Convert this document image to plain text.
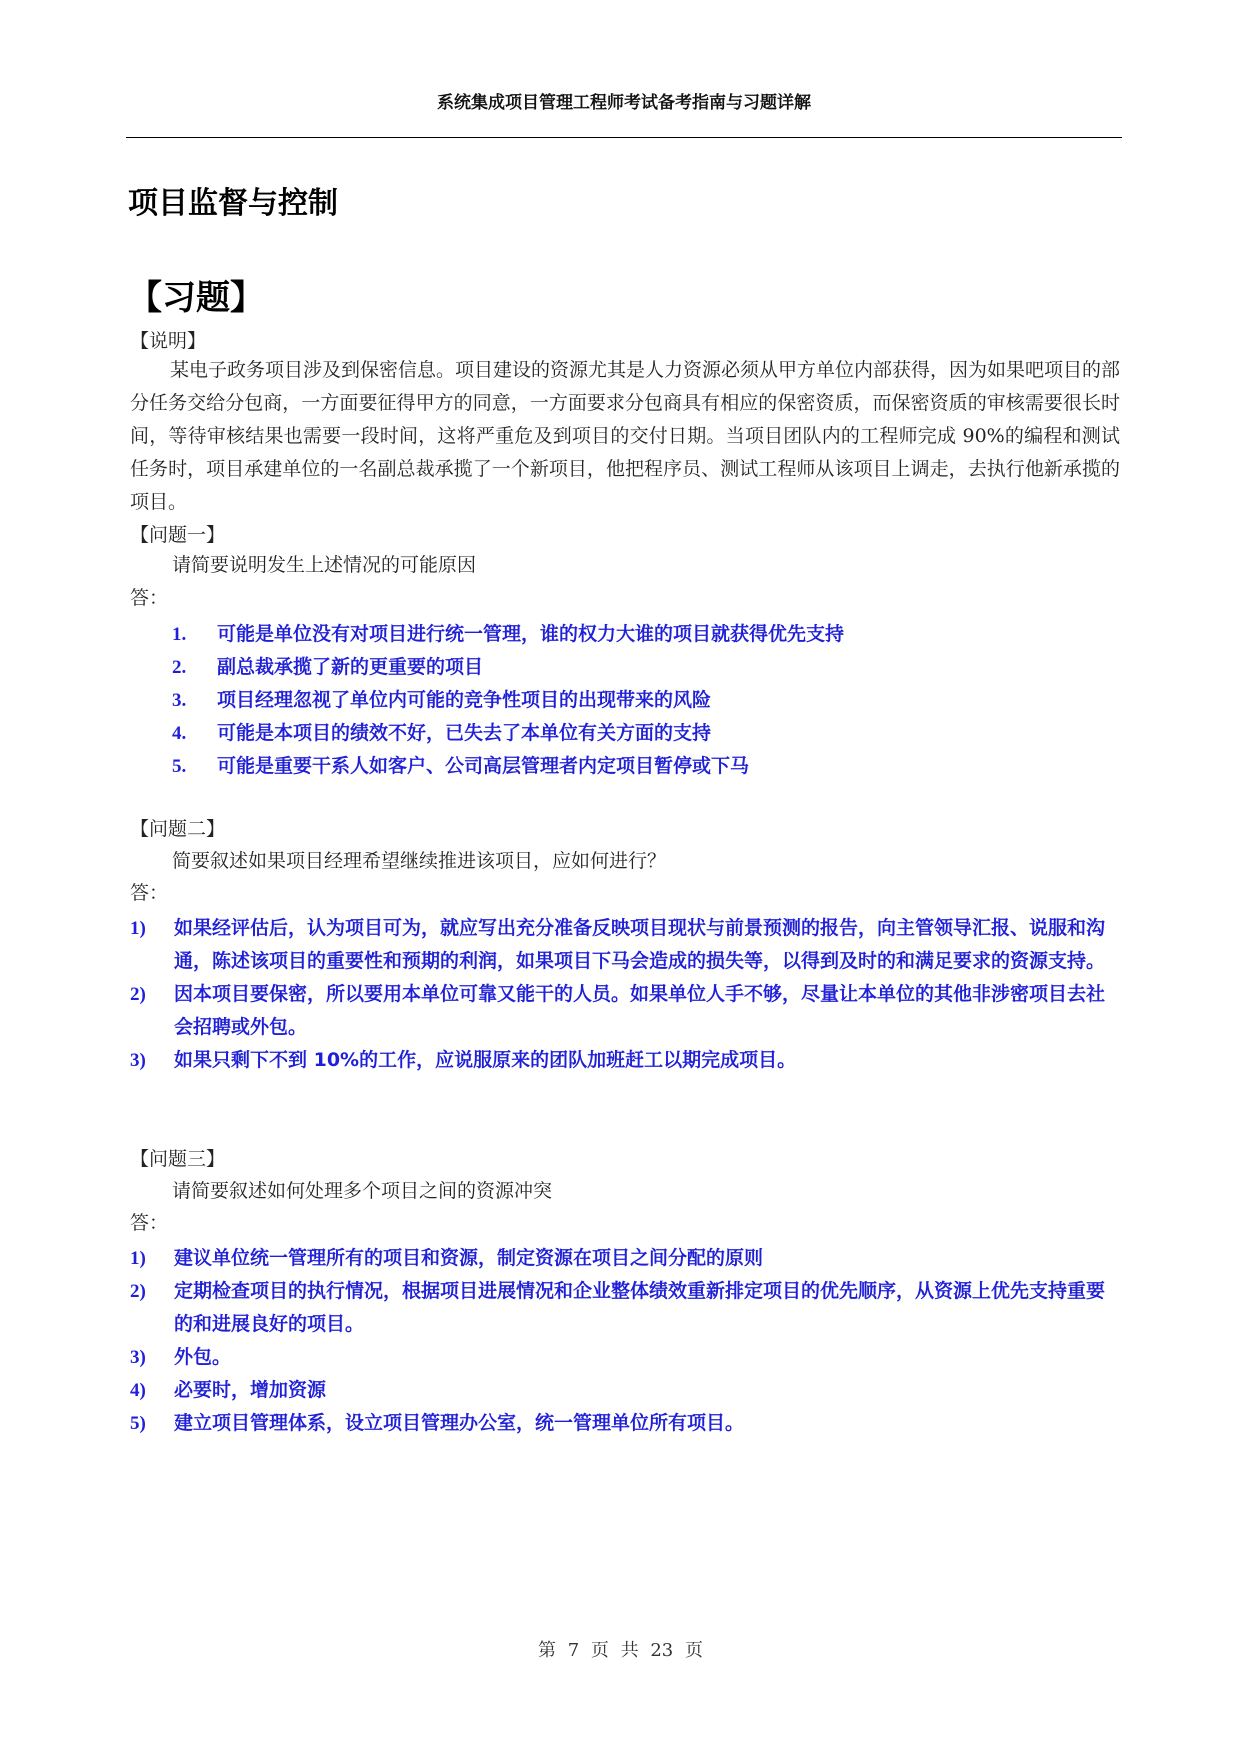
系统集成项目管理工程师考试备考指南与习题详解
项目监督与控制
【习题】
【说明】
某电子政务项目涉及到保密信息。项目建设的资源尤其是人力资源必须从甲方单位内部获得，因为如果吧项目的部分任务交给分包商，一方面要征得甲方的同意，一方面要求分包商具有相应的保密资质，而保密资质的审核需要很长时间，等待审核结果也需要一段时间，这将严重危及到项目的交付日期。当项目团队内的工程师完成 90%的编程和测试任务时，项目承建单位的一名副总裁承揽了一个新项目，他把程序员、测试工程师从该项目上调走，去执行他新承揽的项目。
【问题一】
请简要说明发生上述情况的可能原因
答：
1. 可能是单位没有对项目进行统一管理，谁的权力大谁的项目就获得优先支持
2. 副总裁承揽了新的更重要的项目
3. 项目经理忽视了单位内可能的竞争性项目的出现带来的风险
4. 可能是本项目的绩效不好，已失去了本单位有关方面的支持
5. 可能是重要干系人如客户、公司高层管理者内定项目暂停或下马
【问题二】
简要叙述如果项目经理希望继续推进该项目，应如何进行？
答：
1) 如果经评估后，认为项目可为，就应写出充分准备反映项目现状与前景预测的报告，向主管领导汇报、说服和沟通，陈述该项目的重要性和预期的利润，如果项目下马会造成的损失等，以得到及时的和满足要求的资源支持。
2) 因本项目要保密，所以要用本单位可靠又能干的人员。如果单位人手不够，尽量让本单位的其他非涉密项目去社会招聘或外包。
3) 如果只剩下不到 10%的工作，应说服原来的团队加班赶工以期完成项目。
【问题三】
请简要叙述如何处理多个项目之间的资源冲突
答：
1) 建议单位统一管理所有的项目和资源，制定资源在项目之间分配的原则
2) 定期检查项目的执行情况，根据项目进展情况和企业整体绩效重新排定项目的优先顺序，从资源上优先支持重要的和进展良好的项目。
3) 外包。
4) 必要时，增加资源
5) 建立项目管理体系，设立项目管理办公室，统一管理单位所有项目。
第 7 页 共 23 页
